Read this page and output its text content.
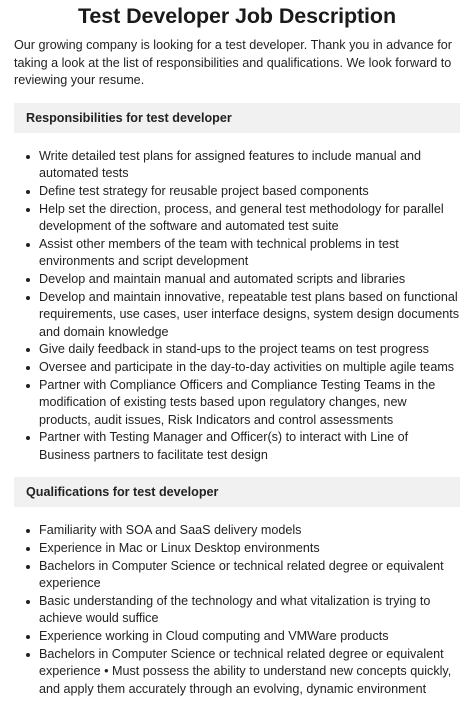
Test Developer Job Description

Our growing company is looking for a test developer. Thank you in advance for taking a look at the list of responsibilities and qualifications. We look forward to reviewing your resume.

Responsibilities for test developer
Write detailed test plans for assigned features to include manual and automated tests
Define test strategy for reusable project based components
Help set the direction, process, and general test methodology for parallel development of the software and automated test suite
Assist other members of the team with technical problems in test environments and script development
Develop and maintain manual and automated scripts and libraries
Develop and maintain innovative, repeatable test plans based on functional requirements, use cases, user interface designs, system design documents and domain knowledge
Give daily feedback in stand-ups to the project teams on test progress
Oversee and participate in the day-to-day activities on multiple agile teams
Partner with Compliance Officers and Compliance Testing Teams in the modification of existing tests based upon regulatory changes, new products, audit issues, Risk Indicators and control assessments
Partner with Testing Manager and Officer(s) to interact with Line of Business partners to facilitate test design
Qualifications for test developer
Familiarity with SOA and SaaS delivery models
Experience in Mac or Linux Desktop environments
Bachelors in Computer Science or technical related degree or equivalent experience
Basic understanding of the technology and what vitalization is trying to achieve would suffice
Experience working in Cloud computing and VMWare products
Bachelors in Computer Science or technical related degree or equivalent experience • Must possess the ability to understand new concepts quickly, and apply them accurately through an evolving, dynamic environment
